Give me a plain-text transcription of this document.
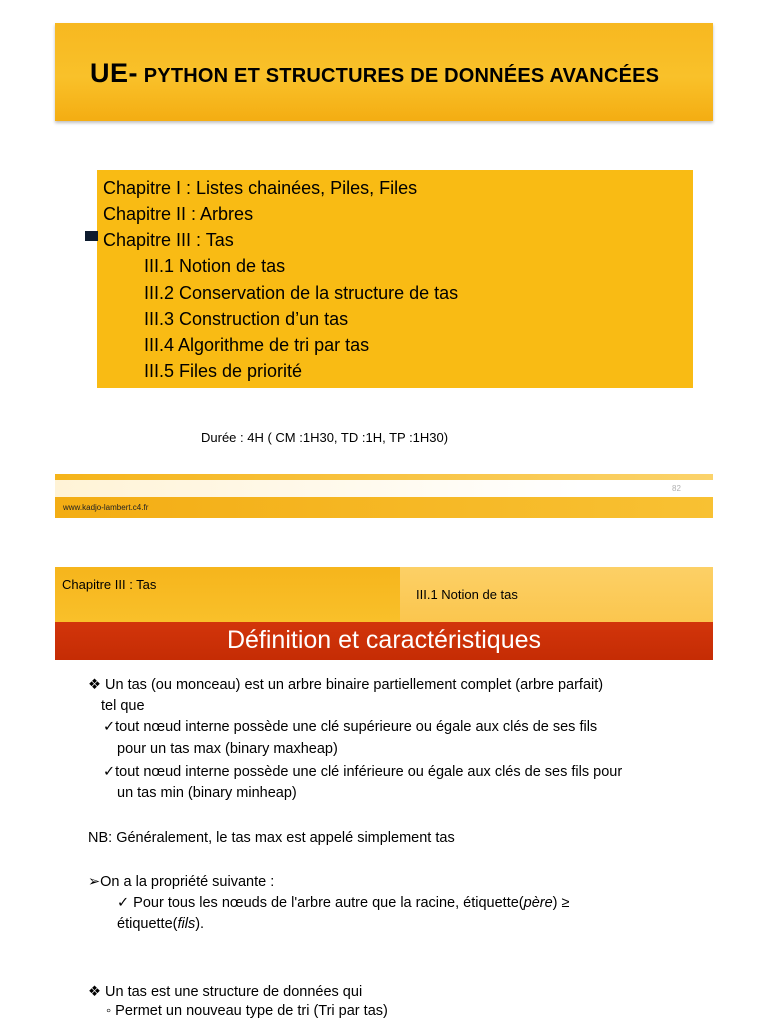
UE- PYTHON ET STRUCTURES DE DONNÉES AVANCÉES
Chapitre I : Listes chainées, Piles, Files
Chapitre II : Arbres
Chapitre III : Tas
III.1 Notion de tas
III.2 Conservation de la structure de tas
III.3 Construction d’un tas
III.4 Algorithme de tri par tas
III.5 Files de priorité
Durée : 4H ( CM :1H30, TD :1H, TP :1H30)
82
www.kadjo-lambert.c4.fr
Chapitre III : Tas
III.1 Notion de tas
Définition et caractéristiques
❖ Un tas (ou monceau) est un arbre binaire partiellement complet (arbre parfait)
tel que
✓tout nœud interne possède une clé supérieure ou égale aux clés de ses fils
pour un tas max (binary maxheap)
✓tout nœud interne possède une clé inférieure ou égale aux clés de ses fils pour
un tas min (binary minheap)
NB: Généralement, le tas max est appelé simplement tas
➢On a la propriété suivante :
✓ Pour tous les nœuds de l'arbre autre que la racine, étiquette(père) ≥
étiquette(fils).
❖ Un tas est une structure de données qui
◦ Permet un nouveau type de tri (Tri par tas)
